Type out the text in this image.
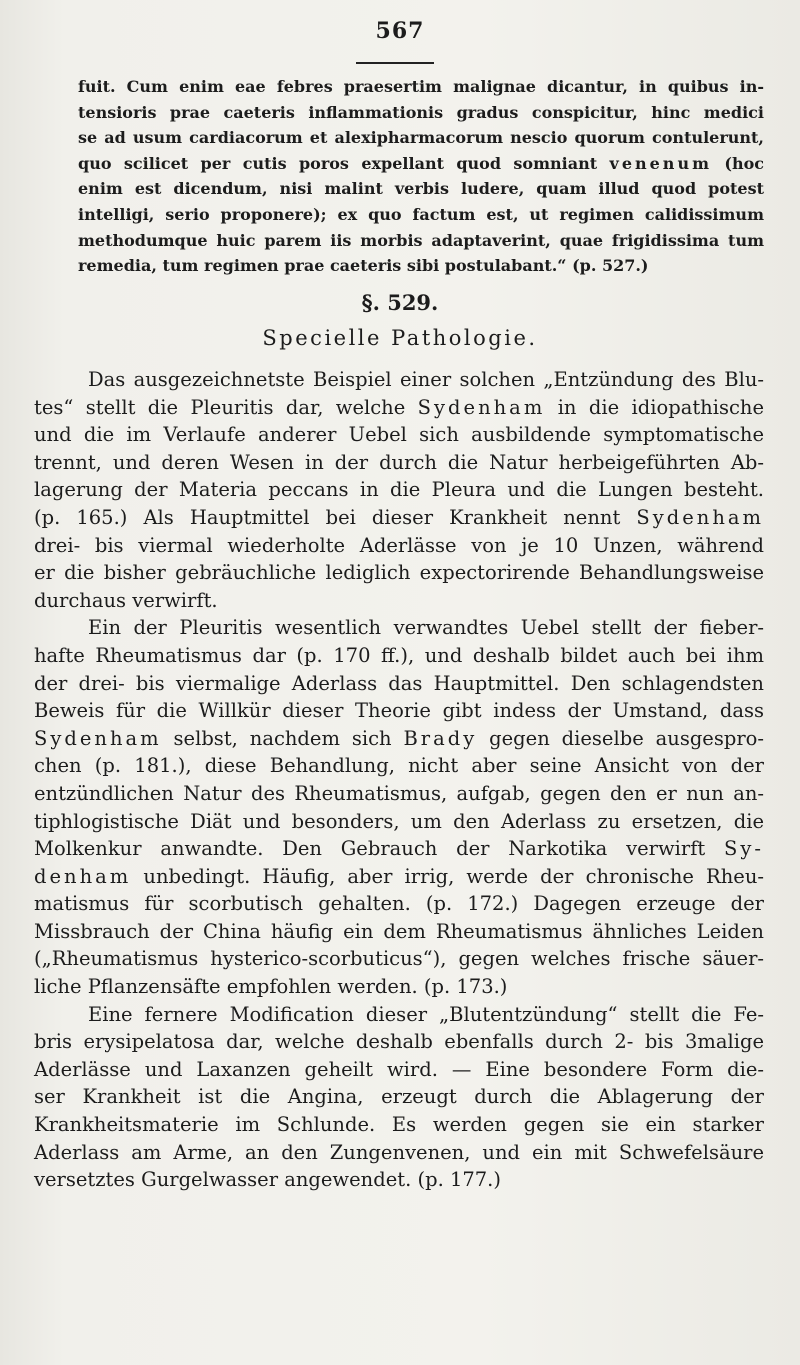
567
fuit. Cum enim eae febres praesertim malignae dicantur, in quibus in-
tensioris prae caeteris inflammationis gradus conspicitur, hinc medici
se ad usum cardiacorum et alexipharmacorum nescio quorum contulerunt,
quo scilicet per cutis poros expellant quod somniant venenum (hoc
enim est dicendum, nisi malint verbis ludere, quam illud quod potest
intelligi, serio proponere); ex quo factum est, ut regimen calidissimum
methodumque huic parem iis morbis adaptaverint, quae frigidissima tum
remedia, tum regimen prae caeteris sibi postulabant.“ (p. 527.)
§. 529.
Specielle Pathologie.
Das ausgezeichnetste Beispiel einer solchen „Entzündung des Blu-
tes“ stellt die Pleuritis dar, welche Sydenham in die idiopathische
und die im Verlaufe anderer Uebel sich ausbildende symptomatische
trennt, und deren Wesen in der durch die Natur herbeigeführten Ab-
lagerung der Materia peccans in die Pleura und die Lungen besteht.
(p. 165.) Als Hauptmittel bei dieser Krankheit nennt Sydenham
drei- bis viermal wiederholte Aderlässe von je 10 Unzen, während
er die bisher gebräuchliche lediglich expectorirende Behandlungsweise
durchaus verwirft.
Ein der Pleuritis wesentlich verwandtes Uebel stellt der fieber-
hafte Rheumatismus dar (p. 170 ff.), und deshalb bildet auch bei ihm
der drei- bis viermalige Aderlass das Hauptmittel. Den schlagendsten
Beweis für die Willkür dieser Theorie gibt indess der Umstand, dass
Sydenham selbst, nachdem sich Brady gegen dieselbe ausgespro-
chen (p. 181.), diese Behandlung, nicht aber seine Ansicht von der
entzündlichen Natur des Rheumatismus, aufgab, gegen den er nun an-
tiphlogistische Diät und besonders, um den Aderlass zu ersetzen, die
Molkenkur anwandte. Den Gebrauch der Narkotika verwirft Sy-
denham unbedingt. Häufig, aber irrig, werde der chronische Rheu-
matismus für scorbutisch gehalten. (p. 172.) Dagegen erzeuge der
Missbrauch der China häufig ein dem Rheumatismus ähnliches Leiden
(„Rheumatismus hysterico-scorbuticus“), gegen welches frische säuer-
liche Pflanzensäfte empfohlen werden. (p. 173.)
Eine fernere Modification dieser „Blutentzündung“ stellt die Fe-
bris erysipelatosa dar, welche deshalb ebenfalls durch 2- bis 3malige
Aderlässe und Laxanzen geheilt wird. — Eine besondere Form die-
ser Krankheit ist die Angina, erzeugt durch die Ablagerung der
Krankheitsmaterie im Schlunde. Es werden gegen sie ein starker
Aderlass am Arme, an den Zungenvenen, und ein mit Schwefelsäure
versetztes Gurgelwasser angewendet. (p. 177.)
